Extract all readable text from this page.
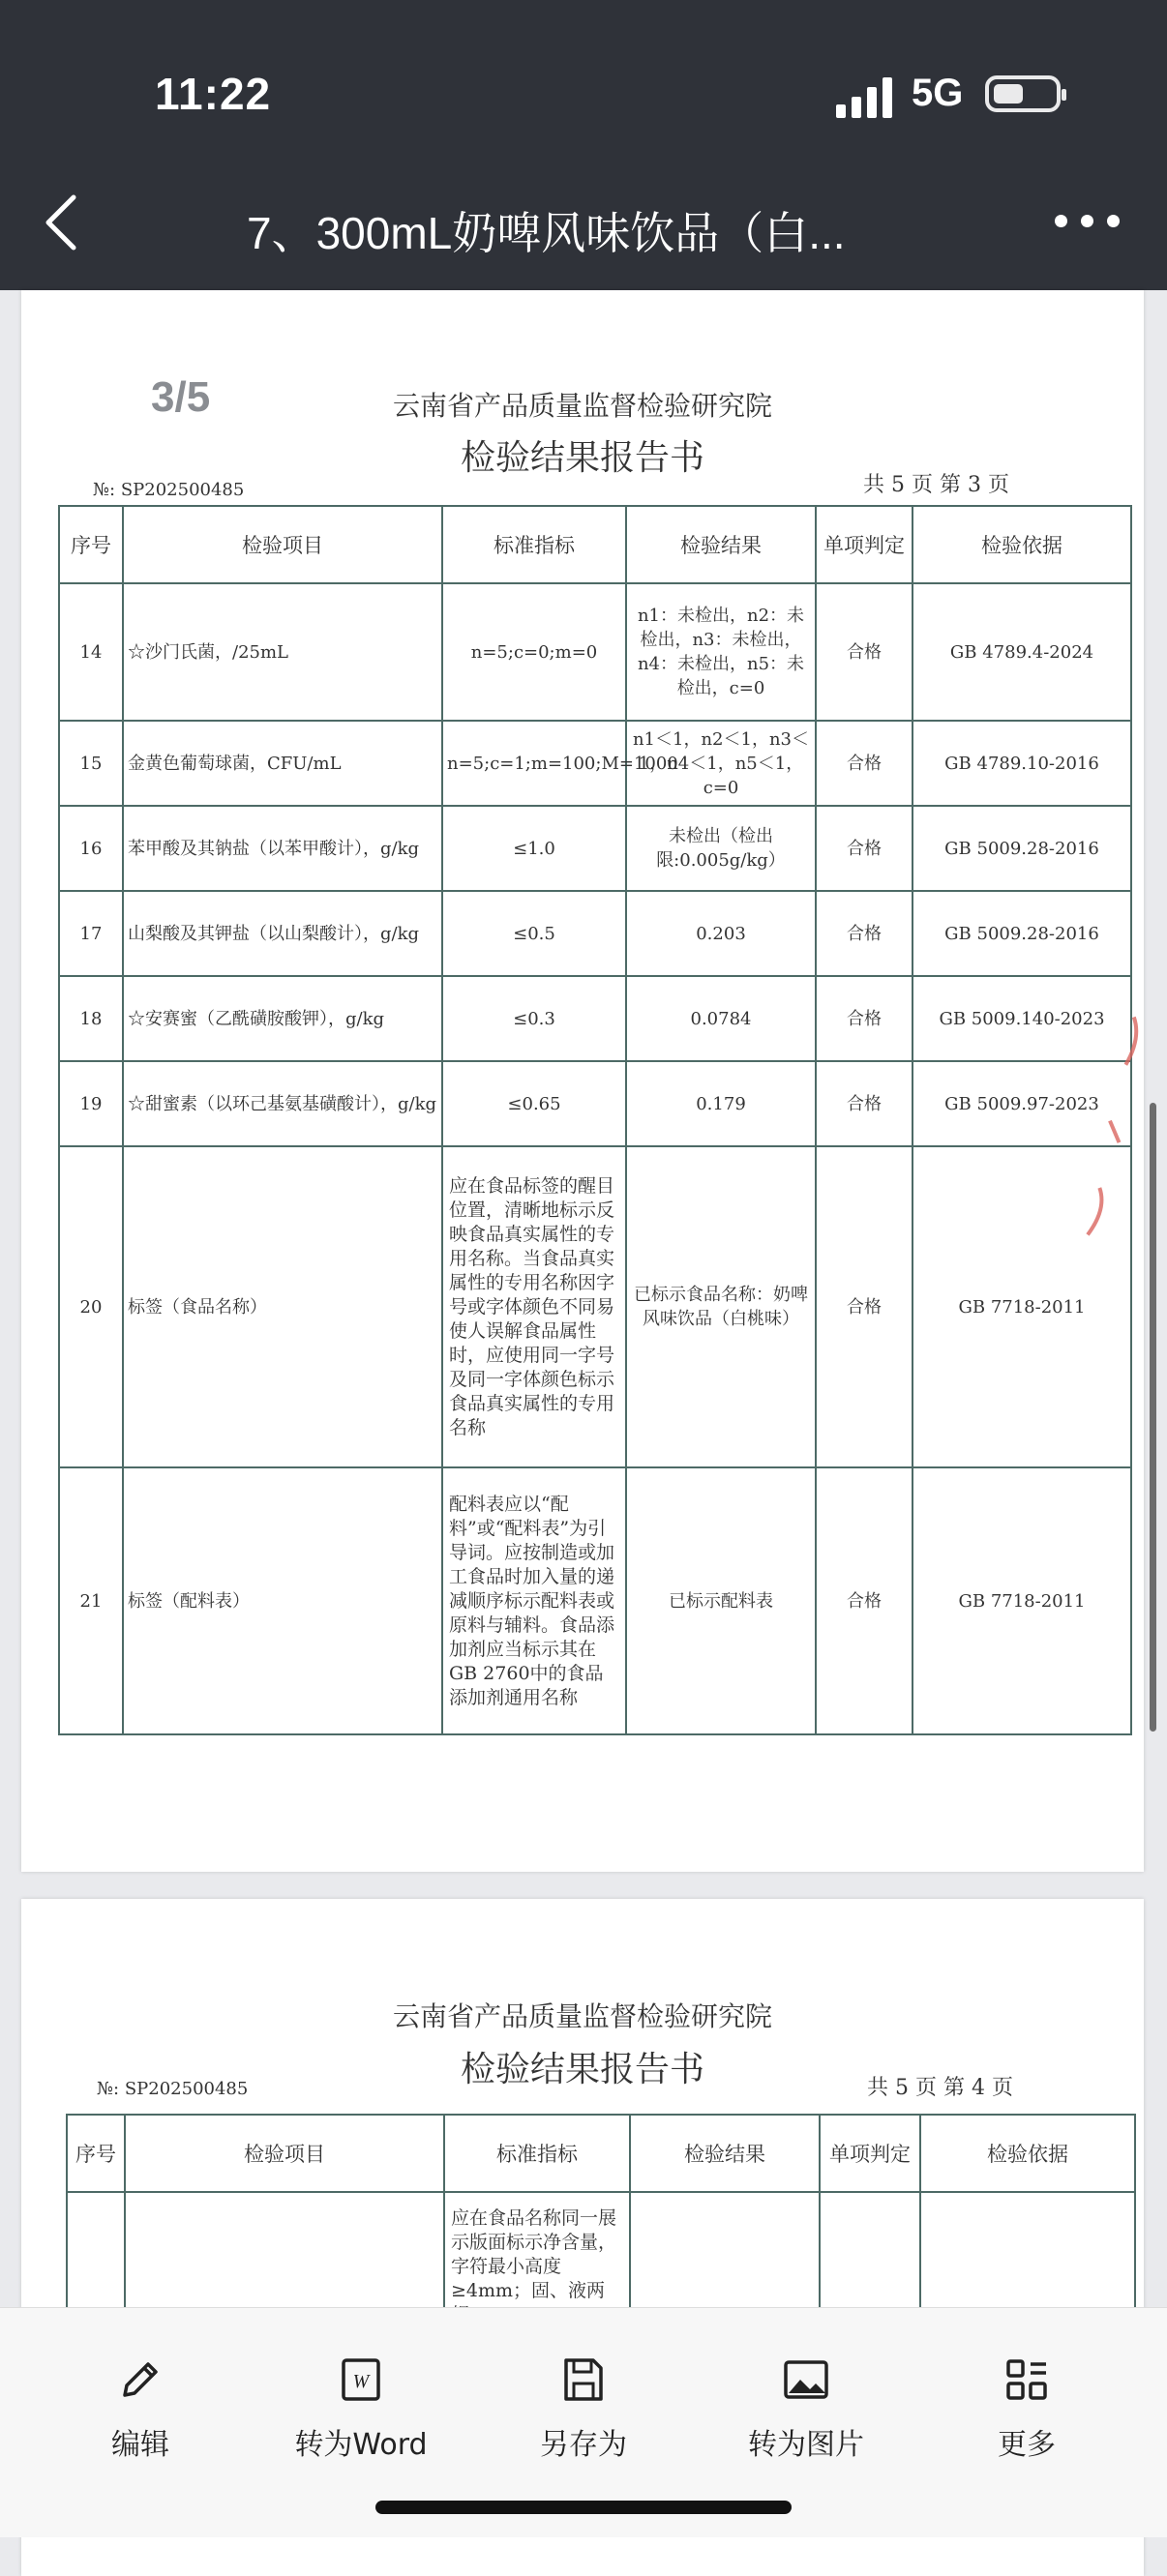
11:22	5G
7、300mL奶啤风味饮品（白...
3/5	云南省产品质量监督检验研究院
检验结果报告书
№: SP202500485	共 5 页 第 3 页
序号	检验项目	标准指标	检验结果	单项判定	检验依据
14	☆沙门氏菌，/25mL	n=5;c=0;m=0	n1：未检出，n2：未检出，n3：未检出，n4：未检出，n5：未检出，c=0	合格	GB 4789.4-2024
15	金黄色葡萄球菌，CFU/mL	n=5;c=1;m=100;M=1000	n1＜1，n2＜1，n3＜1，n4＜1，n5＜1，c=0	合格	GB 4789.10-2016
16	苯甲酸及其钠盐（以苯甲酸计），g/kg	≤1.0	未检出（检出限:0.005g/kg）	合格	GB 5009.28-2016
17	山梨酸及其钾盐（以山梨酸计），g/kg	≤0.5	0.203	合格	GB 5009.28-2016
18	☆安赛蜜（乙酰磺胺酸钾），g/kg	≤0.3	0.0784	合格	GB 5009.140-2023
19	☆甜蜜素（以环己基氨基磺酸计），g/kg	≤0.65	0.179	合格	GB 5009.97-2023
20	标签（食品名称）	应在食品标签的醒目位置，清晰地标示反映食品真实属性的专用名称。当食品真实属性的专用名称因字号或字体颜色不同易使人误解食品属性时，应使用同一字号及同一字体颜色标示食品真实属性的专用名称	已标示食品名称：奶啤风味饮品（白桃味）	合格	GB 7718-2011
21	标签（配料表）	配料表应以“配料”或“配料表”为引导词。应按制造或加工食品时加入量的递减顺序标示配料表或原料与辅料。食品添加剂应当标示其在GB 2760中的食品添加剂通用名称	已标示配料表	合格	GB 7718-2011
云南省产品质量监督检验研究院
检验结果报告书
№: SP202500485	共 5 页 第 4 页
序号	检验项目	标准指标	检验结果	单项判定	检验依据
		应在食品名称同一展示版面标示净含量，字符最小高度≥4mm；固、液两			
编辑
W
转为Word	另存为	转为图片	更多
